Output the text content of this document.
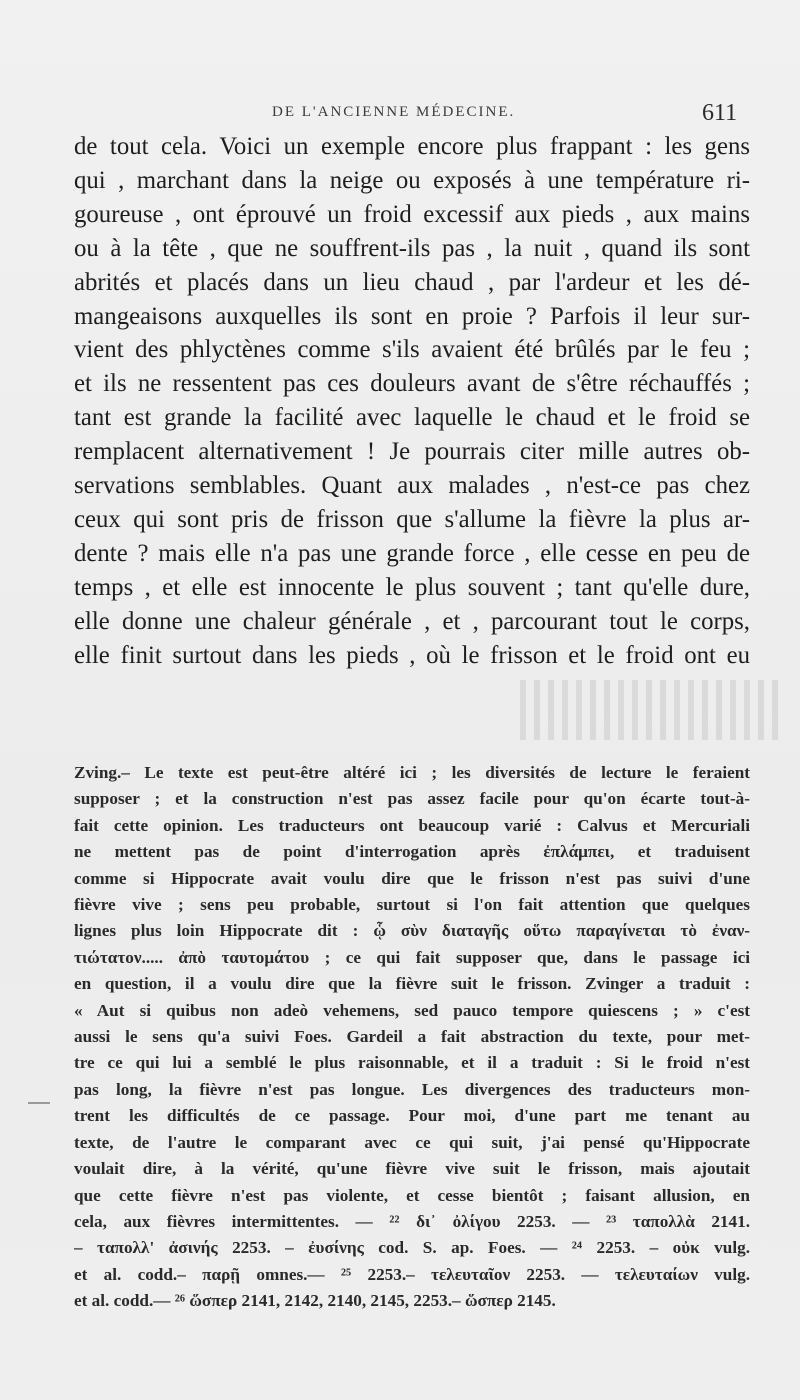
DE L'ANCIENNE MÉDECINE.	611
de tout cela. Voici un exemple encore plus frappant : les gens
qui , marchant dans la neige ou exposés à une température ri-
goureuse , ont éprouvé un froid excessif aux pieds , aux mains
ou à la tête , que ne souffrent-ils pas , la nuit , quand ils sont
abrités et placés dans un lieu chaud , par l'ardeur et les dé-
mangeaisons auxquelles ils sont en proie ? Parfois il leur sur-
vient des phlyctènes comme s'ils avaient été brûlés par le feu ;
et ils ne ressentent pas ces douleurs avant de s'être réchauffés ;
tant est grande la facilité avec laquelle le chaud et le froid se
remplacent alternativement ! Je pourrais citer mille autres ob-
servations semblables. Quant aux malades , n'est-ce pas chez
ceux qui sont pris de frisson que s'allume la fièvre la plus ar-
dente ? mais elle n'a pas une grande force , elle cesse en peu de
temps , et elle est innocente le plus souvent ; tant qu'elle dure,
elle donne une chaleur générale , et , parcourant tout le corps,
elle finit surtout dans les pieds , où le frisson et le froid ont eu
Zving.– Le texte est peut-être altéré ici ; les diversités de lecture le feraient
supposer ; et la construction n'est pas assez facile pour qu'on écarte tout-à-
fait cette opinion. Les traducteurs ont beaucoup varié : Calvus et Mercuriali
ne mettent pas de point d'interrogation après ἐπλάμπει, et traduisent
comme si Hippocrate avait voulu dire que le frisson n'est pas suivi d'une
fièvre vive ; sens peu probable, surtout si l'on fait attention que quelques
lignes plus loin Hippocrate dit : ᾧ σὺν διαταγῆς οὕτω παραγίνεται τὸ ἐναν-
τιώτατον..... ἀπὸ ταυτομάτου ; ce qui fait supposer que, dans le passage ici
en question, il a voulu dire que la fièvre suit le frisson. Zvinger a traduit :
« Aut si quibus non adeò vehemens, sed pauco tempore quiescens ; » c'est
aussi le sens qu'a suivi Foes. Gardeil a fait abstraction du texte, pour met-
tre ce qui lui a semblé le plus raisonnable, et il a traduit : Si le froid n'est
pas long, la fièvre n'est pas longue. Les divergences des traducteurs mon-
trent les difficultés de ce passage. Pour moi, d'une part me tenant au
texte, de l'autre le comparant avec ce qui suit, j'ai pensé qu'Hippocrate
voulait dire, à la vérité, qu'une fièvre vive suit le frisson, mais ajoutait
que cette fièvre n'est pas violente, et cesse bientôt ; faisant allusion, en
cela, aux fièvres intermittentes. — ²² δι᾽ ὀλίγου 2253. — ²³ ταπολλὰ 2141.
– ταπολλ' ἀσινής 2253. – ἐυσίνης cod. S. ap. Foes. — ²⁴ 2253. – οὐκ vulg.
et al. codd.– παρῇ omnes.— ²⁵ 2253.– τελευταῖον 2253. — τελευταίων vulg.
et al. codd.— ²⁶ ὥσπερ 2141, 2142, 2140, 2145, 2253.– ὥσπερ 2145.
